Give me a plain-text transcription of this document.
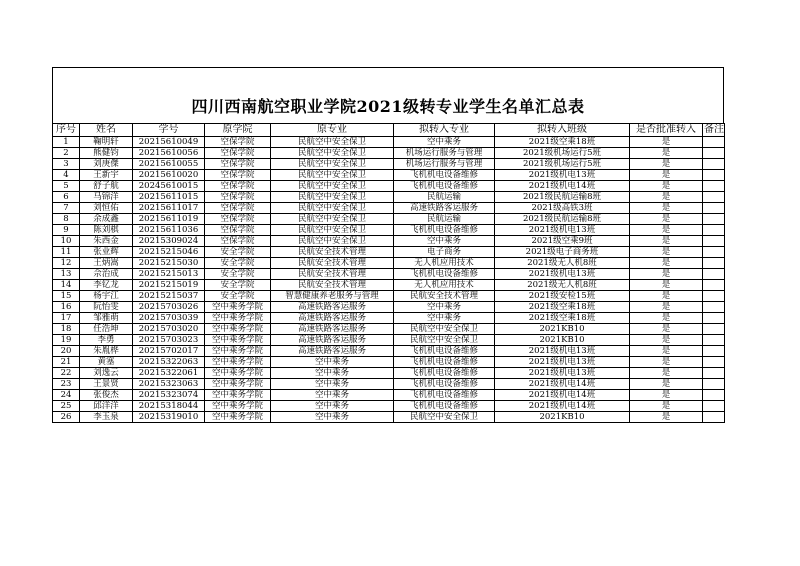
四川西南航空职业学院2021级转专业学生名单汇总表
序号	姓名	学号	原学院	原专业	拟转入专业	拟转入班级	是否批准转入	备注
1	鞠明轩	20215610049	空保学院	民航空中安全保卫	空中乘务	2021级空乘18班	是	
2	熊健钧	20215610056	空保学院	民航空中安全保卫	机场运行服务与管理	2021级机场运行5班	是	
3	刘庚傑	20215610055	空保学院	民航空中安全保卫	机场运行服务与管理	2021级机场运行5班	是	
4	王新宇	20215610020	空保学院	民航空中安全保卫	飞机机电设备维修	2021级机电13班	是	
5	舒子航	20245610015	空保学院	民航空中安全保卫	飞机机电设备维修	2021级机电14班	是	
6	马锦洋	20215611015	空保学院	民航空中安全保卫	民航运输	2021级民航运输8班	是	
7	刘恒佑	20215611017	空保学院	民航空中安全保卫	高速铁路客运服务	2021级高铁3班	是	
8	余成鑫	20215611019	空保学院	民航空中安全保卫	民航运输	2021级民航运输8班	是	
9	陈刘棋	20215611036	空保学院	民航空中安全保卫	飞机机电设备维修	2021级机电13班	是	
10	朱西金	20215309024	空保学院	民航空中安全保卫	空中乘务	2021级空乘9班	是	
11	张业辉	20215215046	安全学院	民航安全技术管理	电子商务	2021级电子商务班	是	
12	王炳嵩	20215215030	安全学院	民航安全技术管理	无人机应用技术	2021级无人机8班	是	
13	佘治成	20215215013	安全学院	民航安全技术管理	飞机机电设备维修	2021级机电13班	是	
14	李钇龙	20215215019	安全学院	民航安全技术管理	无人机应用技术	2021级无人机8班	是	
15	杨宇江	20215215037	安全学院	智慧健康养老服务与管理	民航安全技术管理	2021级安检15班	是	
16	阮怡雯	20215703026	空中乘务学院	高速铁路客运服务	空中乘务	2021级空乘18班	是	
17	邹雅萌	20215703039	空中乘务学院	高速铁路客运服务	空中乘务	2021级空乘18班	是	
18	任浩坤	20215703020	空中乘务学院	高速铁路客运服务	民航空中安全保卫	2021KB10	是	
19	李勇	20215703023	空中乘务学院	高速铁路客运服务	民航空中安全保卫	2021KB10	是	
20	朱胤桦	20215702017	空中乘务学院	高速铁路客运服务	飞机机电设备维修	2021级机电13班	是	
21	黄塞	20215322063	空中乘务学院	空中乘务	飞机机电设备维修	2021级机电13班	是	
22	刘逸云	20215322061	空中乘务学院	空中乘务	飞机机电设备维修	2021级机电13班	是	
23	王景贤	20215323063	空中乘务学院	空中乘务	飞机机电设备维修	2021级机电14班	是	
24	张俊杰	20215323074	空中乘务学院	空中乘务	飞机机电设备维修	2021级机电14班	是	
25	邱洋洋	20215318044	空中乘务学院	空中乘务	飞机机电设备维修	2021级机电14班	是	
26	李玉泉	20215319010	空中乘务学院	空中乘务	民航空中安全保卫	2021KB10	是	
